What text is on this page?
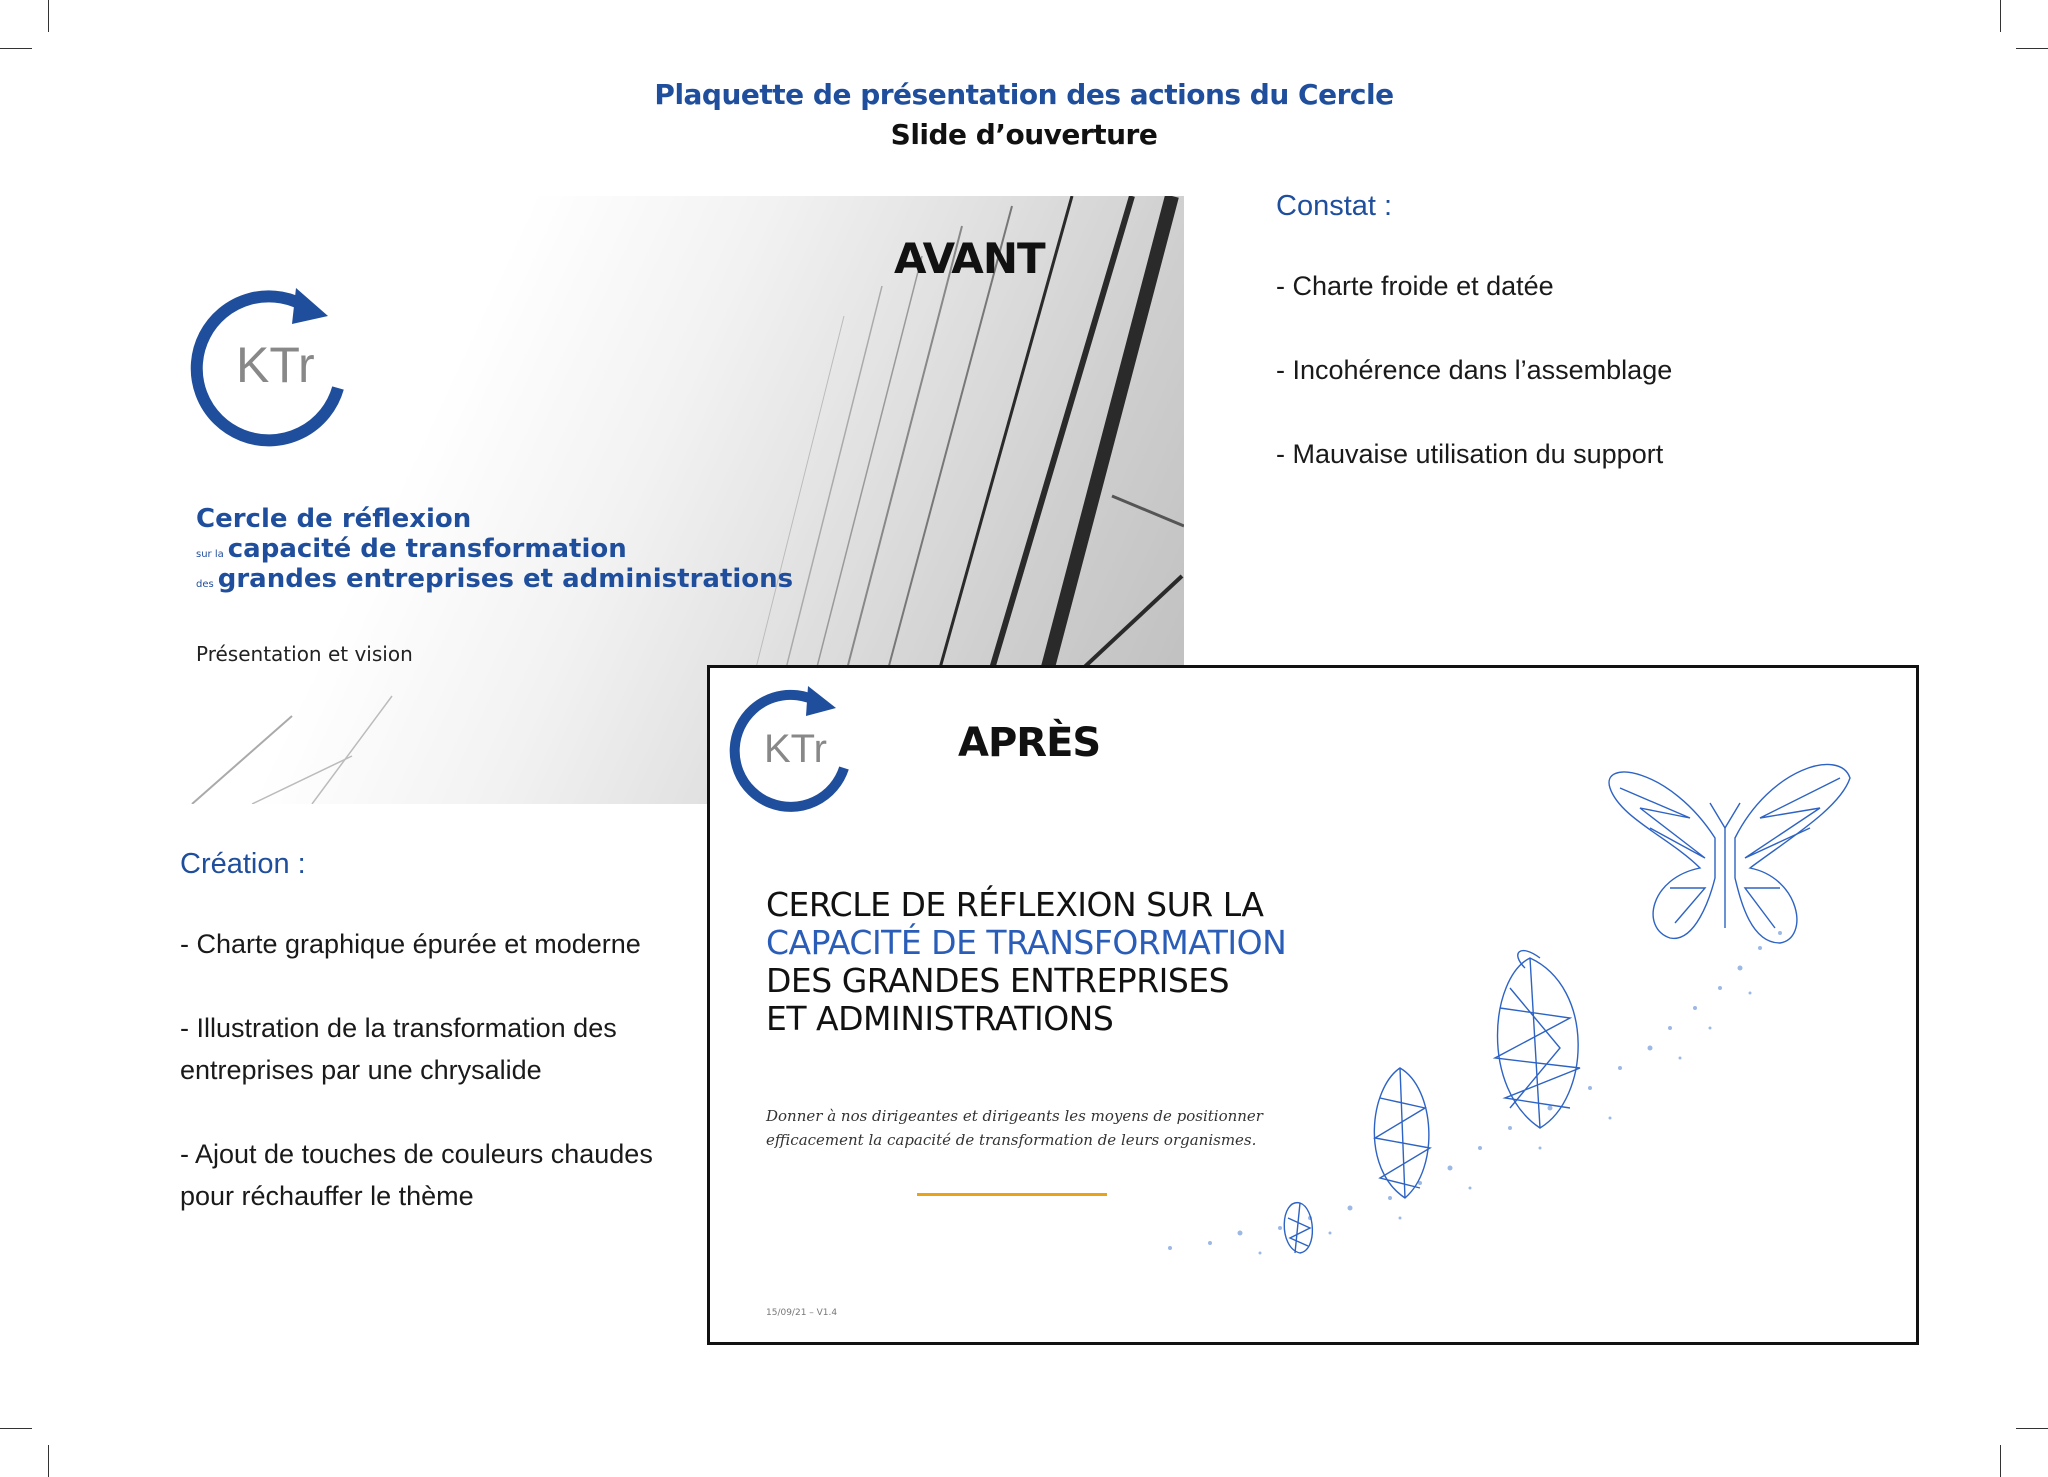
Plaquette de présentation des actions du Cercle
Slide d’ouverture
AVANT
KTr
Cercle de réflexion
sur la capacité de transformation
des grandes entreprises et administrations
Présentation et vision
Constat :
- Charte froide et datée
- Incohérence dans l’assemblage
- Mauvaise utilisation du support
Création :
- Charte graphique épurée et moderne
- Illustration de la transformation des entreprises par une chrysalide
- Ajout de touches de couleurs chaudes pour réchauffer le thème
KTr	APRÈS
CERCLE DE RÉFLEXION SUR LA
CAPACITÉ DE TRANSFORMATION
DES GRANDES ENTREPRISES
ET ADMINISTRATIONS
Donner à nos dirigeantes et dirigeants les moyens de positionner
efficacement la capacité de transformation de leurs organismes.
15/09/21 – V1.4
